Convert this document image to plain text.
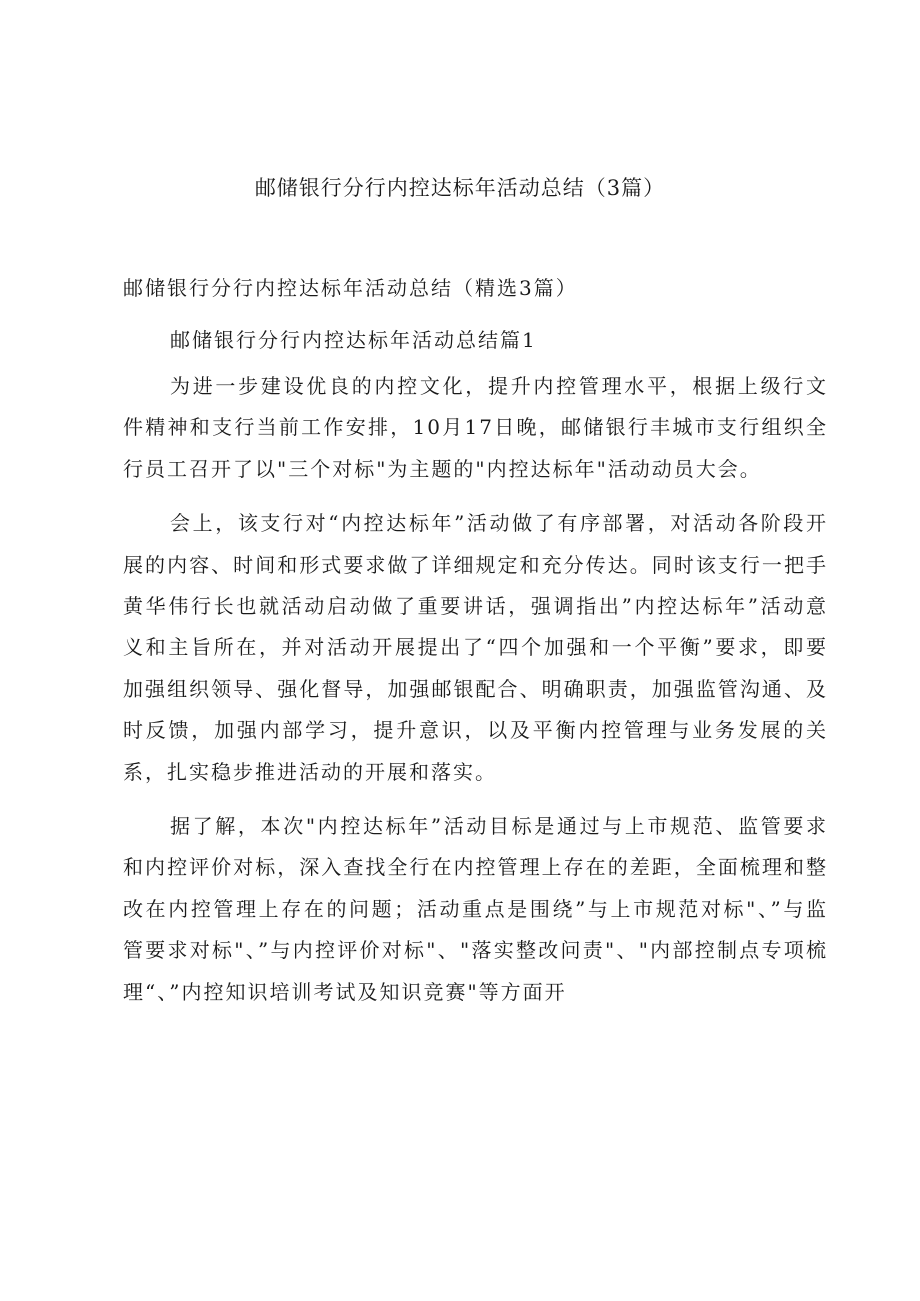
邮储银行分行内控达标年活动总结（3篇）
邮储银行分行内控达标年活动总结（精选3篇）
邮储银行分行内控达标年活动总结篇1

为进一步建设优良的内控文化，提升内控管理水平，根据上级行文件精神和支行当前工作安排，10月17日晚，邮储银行丰城市支行组织全行员工召开了以"三个对标"为主题的"内控达标年"活动动员大会。

会上，该支行对“内控达标年”活动做了有序部署，对活动各阶段开展的内容、时间和形式要求做了详细规定和充分传达。同时该支行一把手黄华伟行长也就活动启动做了重要讲话，强调指出”内控达标年”活动意义和主旨所在，并对活动开展提出了“四个加强和一个平衡”要求，即要加强组织领导、强化督导，加强邮银配合、明确职责，加强监管沟通、及时反馈，加强内部学习，提升意识，以及平衡内控管理与业务发展的关系，扎实稳步推进活动的开展和落实。

据了解，本次"内控达标年”活动目标是通过与上市规范、监管要求和内控评价对标，深入查找全行在内控管理上存在的差距，全面梳理和整改在内控管理上存在的问题；活动重点是围绕”与上市规范对标"、”与监管要求对标"、”与内控评价对标"、"落实整改问责"、"内部控制点专项梳理“、”内控知识培训考试及知识竞赛"等方面开
